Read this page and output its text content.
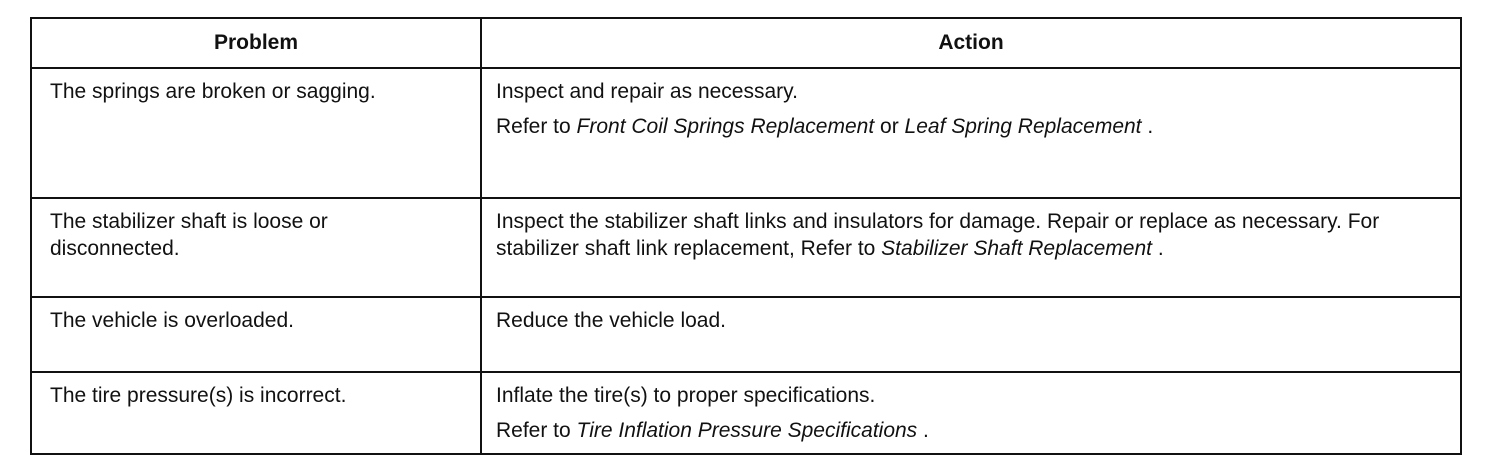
Problem	Action
The springs are broken or sagging.	Inspect and repair as necessary.
Refer to Front Coil Springs Replacement or Leaf Spring Replacement .

The stabilizer shaft is loose or disconnected.	Inspect the stabilizer shaft links and insulators for damage. Repair or replace as necessary. For stabilizer shaft link replacement, Refer to Stabilizer Shaft Replacement .
The vehicle is overloaded.	Reduce the vehicle load.
The tire pressure(s) is incorrect.	Inflate the tire(s) to proper specifications.
Refer to Tire Inflation Pressure Specifications .
